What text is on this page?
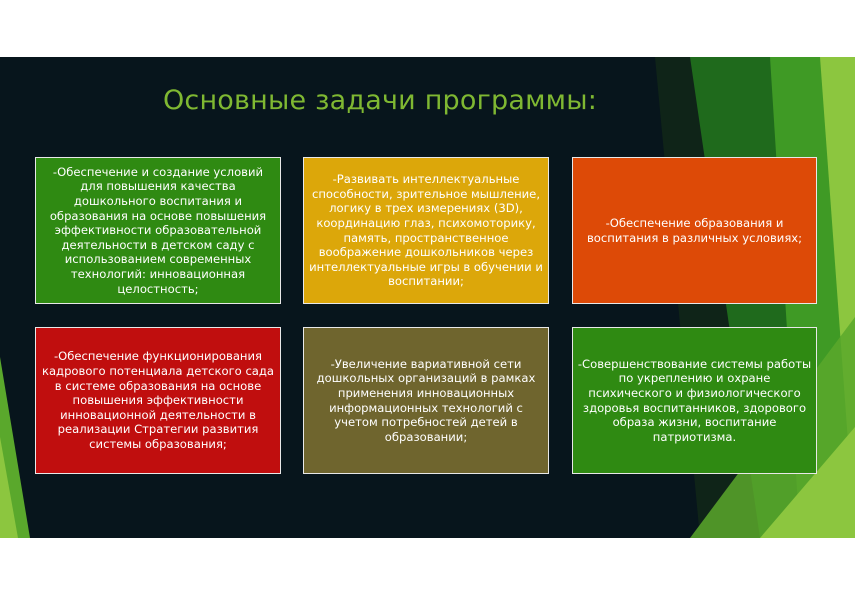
Основные задачи программы:
-Обеспечение и создание условий для повышения качества дошкольного воспитания и образования на основе повышения эффективности образовательной деятельности в детском саду с использованием современных технологий: инновационная целостность;
-Развивать интеллектуальные способности, зрительное мышление, логику в трех измерениях (3D), координацию глаз, психомоторику, память, пространственное воображение дошкольников через интеллектуальные игры в обучении и воспитании;
-Обеспечение образования и воспитания в различных условиях;
-Обеспечение функционирования кадрового потенциала детского сада в системе образования на основе повышения эффективности инновационной деятельности в реализации Стратегии развития системы образования;
-Увеличение вариативной сети дошкольных организаций в рамках применения инновационных информационных технологий с учетом потребностей детей в образовании;
-Совершенствование системы работы по укреплению и охране психического и физиологического здоровья воспитанников, здорового образа жизни, воспитание патриотизма.
